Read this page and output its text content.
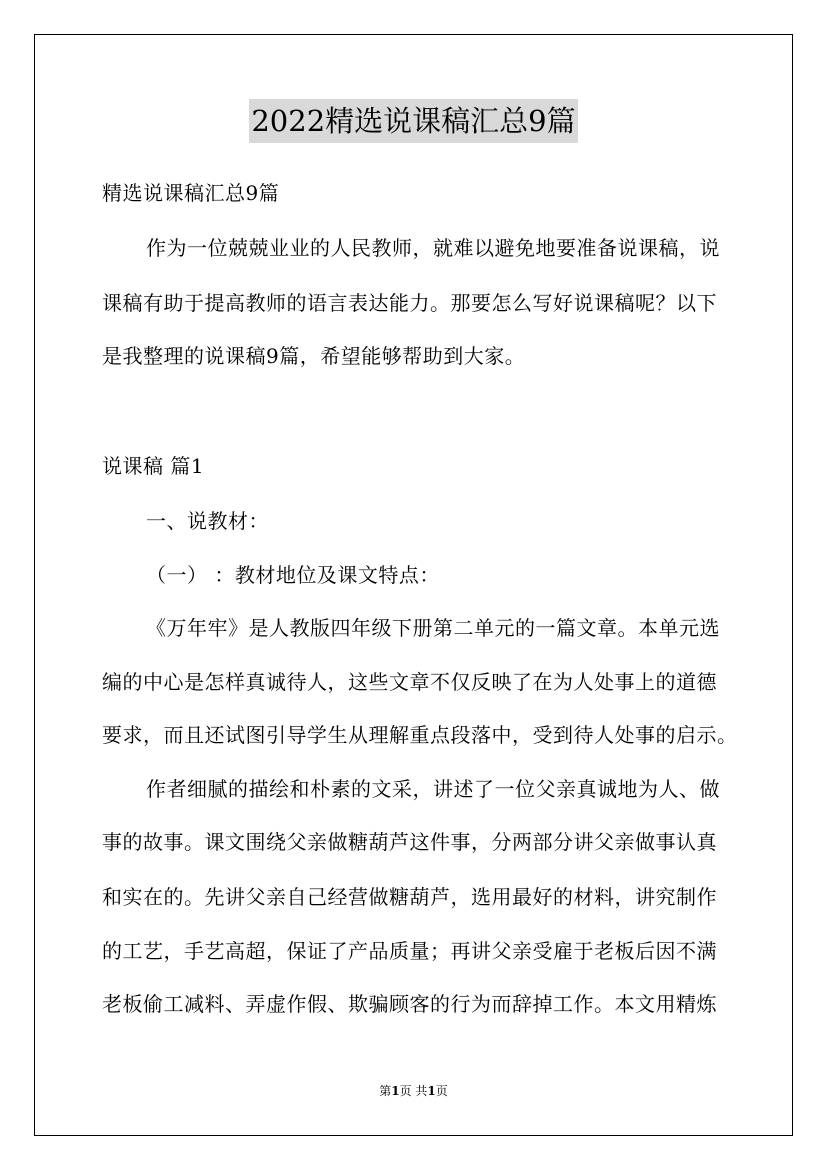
2022精选说课稿汇总9篇
精选说课稿汇总9篇
作为一位兢兢业业的人民教师，就难以避免地要准备说课稿，说
课稿有助于提高教师的语言表达能力。那要怎么写好说课稿呢？以下
是我整理的说课稿9篇，希望能够帮助到大家。
说课稿 篇1
一、说教材：
（一） ：教材地位及课文特点：
《万年牢》是人教版四年级下册第二单元的一篇文章。本单元选
编的中心是怎样真诚待人，这些文章不仅反映了在为人处事上的道德
要求，而且还试图引导学生从理解重点段落中，受到待人处事的启示。
作者细腻的描绘和朴素的文采，讲述了一位父亲真诚地为人、做
事的故事。课文围绕父亲做糖葫芦这件事，分两部分讲父亲做事认真
和实在的。先讲父亲自己经营做糖葫芦，选用最好的材料，讲究制作
的工艺，手艺高超，保证了产品质量；再讲父亲受雇于老板后因不满
老板偷工减料、弄虚作假、欺骗顾客的行为而辞掉工作。本文用精炼
第1页 共1页
